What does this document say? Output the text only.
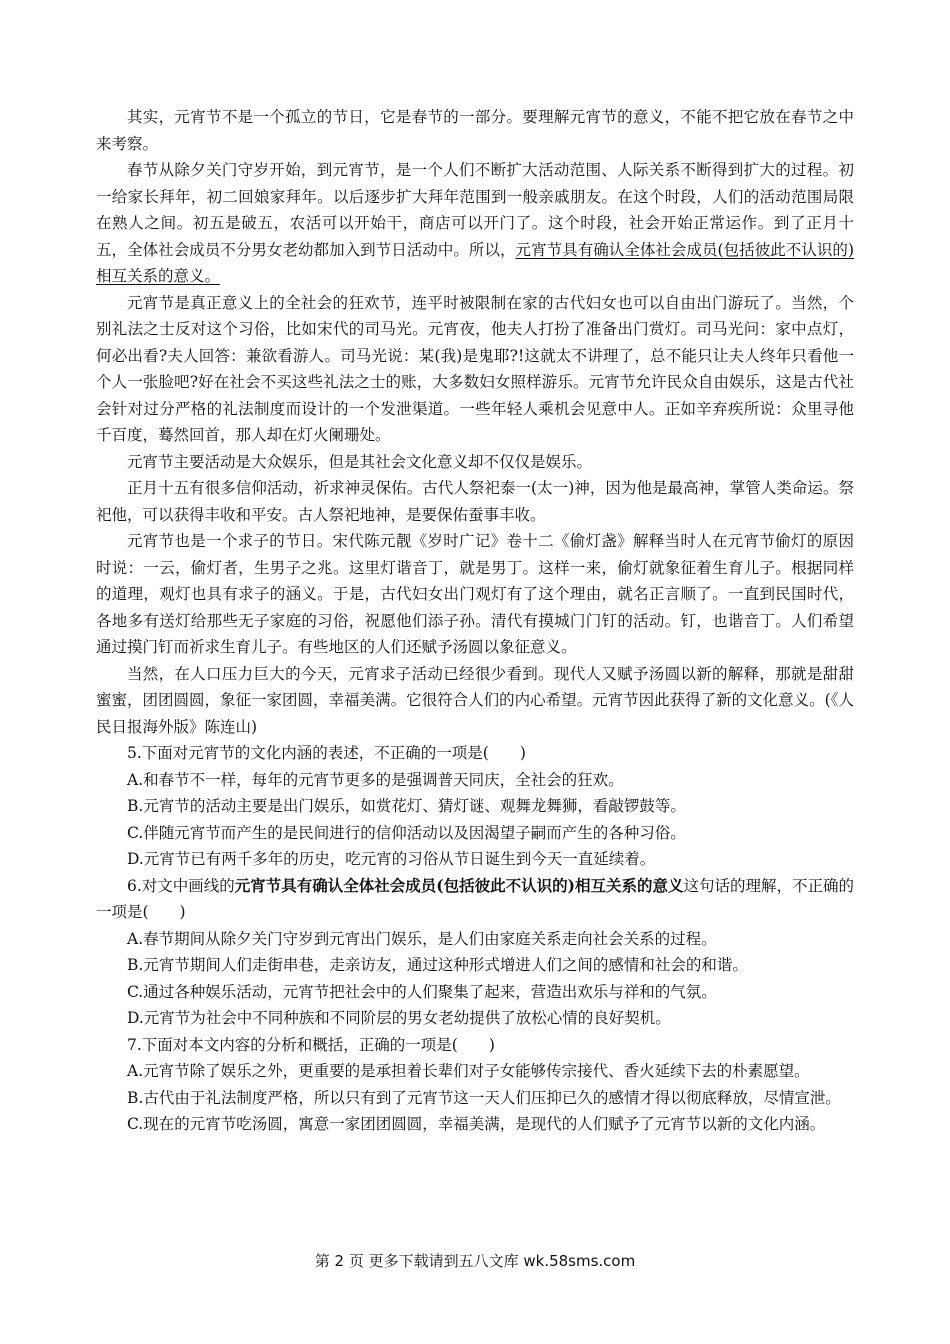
其实，元宵节不是一个孤立的节日，它是春节的一部分。要理解元宵节的意义，不能不把它放在春节之中来考察。

春节从除夕关门守岁开始，到元宵节，是一个人们不断扩大活动范围、人际关系不断得到扩大的过程。初一给家长拜年，初二回娘家拜年。以后逐步扩大拜年范围到一般亲戚朋友。在这个时段，人们的活动范围局限在熟人之间。初五是破五，农活可以开始干，商店可以开门了。这个时段，社会开始正常运作。到了正月十五，全体社会成员不分男女老幼都加入到节日活动中。所以，元宵节具有确认全体社会成员(包括彼此不认识的)相互关系的意义。

元宵节是真正意义上的全社会的狂欢节，连平时被限制在家的古代妇女也可以自由出门游玩了。当然，个别礼法之士反对这个习俗，比如宋代的司马光。元宵夜，他夫人打扮了准备出门赏灯。司马光问：家中点灯，何必出看?夫人回答：兼欲看游人。司马光说：某(我)是鬼耶?!这就太不讲理了，总不能只让夫人终年只看他一个人一张脸吧?好在社会不买这些礼法之士的账，大多数妇女照样游乐。元宵节允许民众自由娱乐，这是古代社会针对过分严格的礼法制度而设计的一个发泄渠道。一些年轻人乘机会见意中人。正如辛弃疾所说：众里寻他千百度，蓦然回首，那人却在灯火阑珊处。

元宵节主要活动是大众娱乐，但是其社会文化意义却不仅仅是娱乐。

正月十五有很多信仰活动，祈求神灵保佑。古代人祭祀泰一(太一)神，因为他是最高神，掌管人类命运。祭祀他，可以获得丰收和平安。古人祭祀地神，是要保佑蚕事丰收。

元宵节也是一个求子的节日。宋代陈元靓《岁时广记》卷十二《偷灯盏》解释当时人在元宵节偷灯的原因时说：一云，偷灯者，生男子之兆。这里灯谐音丁，就是男丁。这样一来，偷灯就象征着生育儿子。根据同样的道理，观灯也具有求子的涵义。于是，古代妇女出门观灯有了这个理由，就名正言顺了。一直到民国时代，各地多有送灯给那些无子家庭的习俗，祝愿他们添子孙。清代有摸城门门钉的活动。钉，也谐音丁。人们希望通过摸门钉而祈求生育儿子。有些地区的人们还赋予汤圆以象征意义。

当然，在人口压力巨大的今天，元宵求子活动已经很少看到。现代人又赋予汤圆以新的解释，那就是甜甜蜜蜜，团团圆圆，象征一家团圆，幸福美满。它很符合人们的内心希望。元宵节因此获得了新的文化意义。(《人民日报海外版》陈连山)

5.下面对元宵节的文化内涵的表述，不正确的一项是(　　)

A.和春节不一样，每年的元宵节更多的是强调普天同庆，全社会的狂欢。

B.元宵节的活动主要是出门娱乐，如赏花灯、猜灯谜、观舞龙舞狮，看敲锣鼓等。

C.伴随元宵节而产生的是民间进行的信仰活动以及因渴望子嗣而产生的各种习俗。

D.元宵节已有两千多年的历史，吃元宵的习俗从节日诞生到今天一直延续着。

6.对文中画线的元宵节具有确认全体社会成员(包括彼此不认识的)相互关系的意义这句话的理解，不正确的一项是(　　)

A.春节期间从除夕关门守岁到元宵出门娱乐，是人们由家庭关系走向社会关系的过程。

B.元宵节期间人们走街串巷，走亲访友，通过这种形式增进人们之间的感情和社会的和谐。

C.通过各种娱乐活动，元宵节把社会中的人们聚集了起来，营造出欢乐与祥和的气氛。

D.元宵节为社会中不同种族和不同阶层的男女老幼提供了放松心情的良好契机。

7.下面对本文内容的分析和概括，正确的一项是(　　)

A.元宵节除了娱乐之外，更重要的是承担着长辈们对子女能够传宗接代、香火延续下去的朴素愿望。

B.古代由于礼法制度严格，所以只有到了元宵节这一天人们压抑已久的感情才得以彻底释放，尽情宣泄。

C.现在的元宵节吃汤圆，寓意一家团团圆圆，幸福美满，是现代的人们赋予了元宵节以新的文化内涵。

第 2 页 更多下载请到五八文库 wk.58sms.com
